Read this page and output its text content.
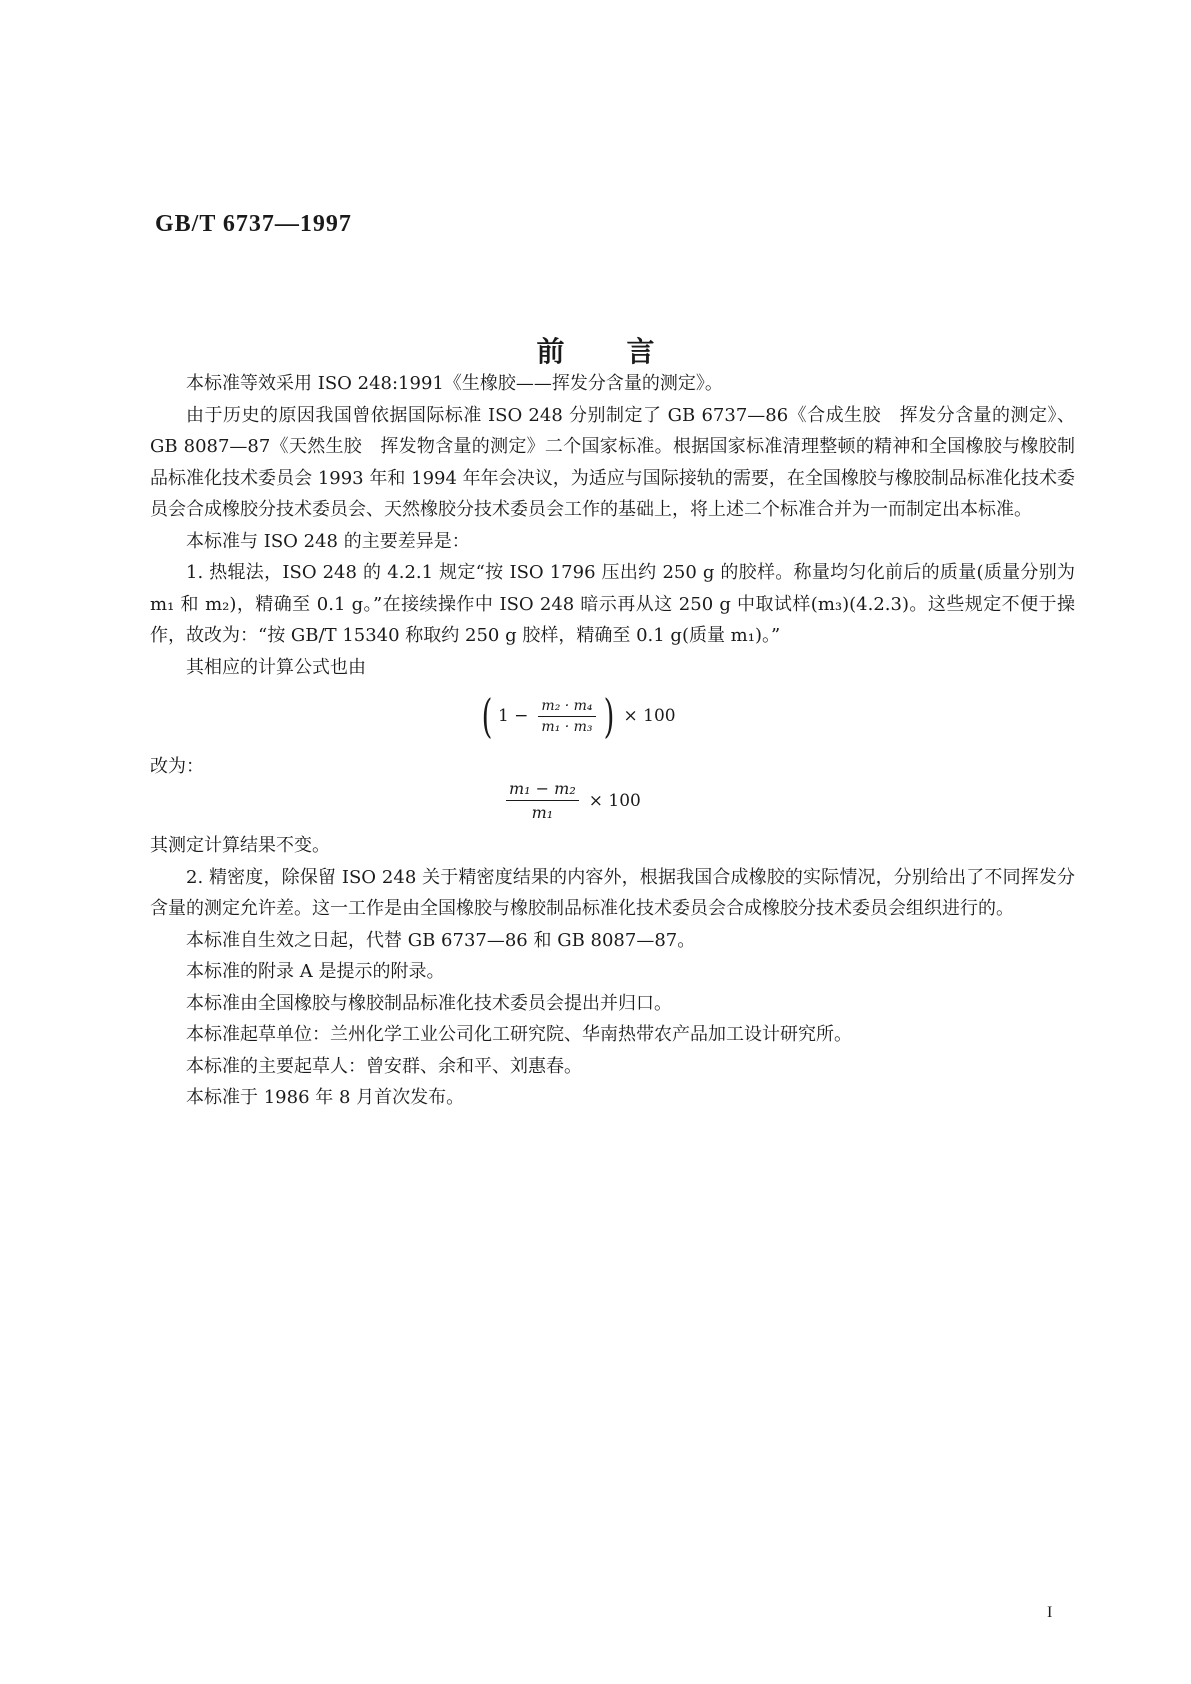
GB/T 6737—1997
前言

本标准等效采用 ISO 248:1991《生橡胶——挥发分含量的测定》。

由于历史的原因我国曾依据国际标准 ISO 248 分别制定了 GB 6737—86《合成生胶　挥发分含量的测定》、GB 8087—87《天然生胶　挥发物含量的测定》二个国家标准。根据国家标准清理整顿的精神和全国橡胶与橡胶制品标准化技术委员会 1993 年和 1994 年年会决议，为适应与国际接轨的需要，在全国橡胶与橡胶制品标准化技术委员会合成橡胶分技术委员会、天然橡胶分技术委员会工作的基础上，将上述二个标准合并为一而制定出本标准。

本标准与 ISO 248 的主要差异是：

1. 热辊法，ISO 248 的 4.2.1 规定“按 ISO 1796 压出约 250 g 的胶样。称量均匀化前后的质量(质量分别为 m₁ 和 m₂)，精确至 0.1 g。”在接续操作中 ISO 248 暗示再从这 250 g 中取试样(m₃)(4.2.3)。这些规定不便于操作，故改为：“按 GB/T 15340 称取约 250 g 胶样，精确至 0.1 g(质量 m₁)。”

其相应的计算公式也由

( $1 - \frac{\text{m₂ · m₄}}{\text{m₁ · m₃}}$ ) × 100
改为：
$\frac{\text{m₁ − m₂}}{\text{m₁}} \times 100$

其测定计算结果不变。

2. 精密度，除保留 ISO 248 关于精密度结果的内容外，根据我国合成橡胶的实际情况，分别给出了不同挥发分含量的测定允许差。这一工作是由全国橡胶与橡胶制品标准化技术委员会合成橡胶分技术委员会组织进行的。

本标准自生效之日起，代替 GB 6737—86 和 GB 8087—87。

本标准的附录 A 是提示的附录。

本标准由全国橡胶与橡胶制品标准化技术委员会提出并归口。

本标准起草单位：兰州化学工业公司化工研究院、华南热带农产品加工设计研究所。

本标准的主要起草人：曾安群、余和平、刘惠春。

本标准于 1986 年 8 月首次发布。

I
